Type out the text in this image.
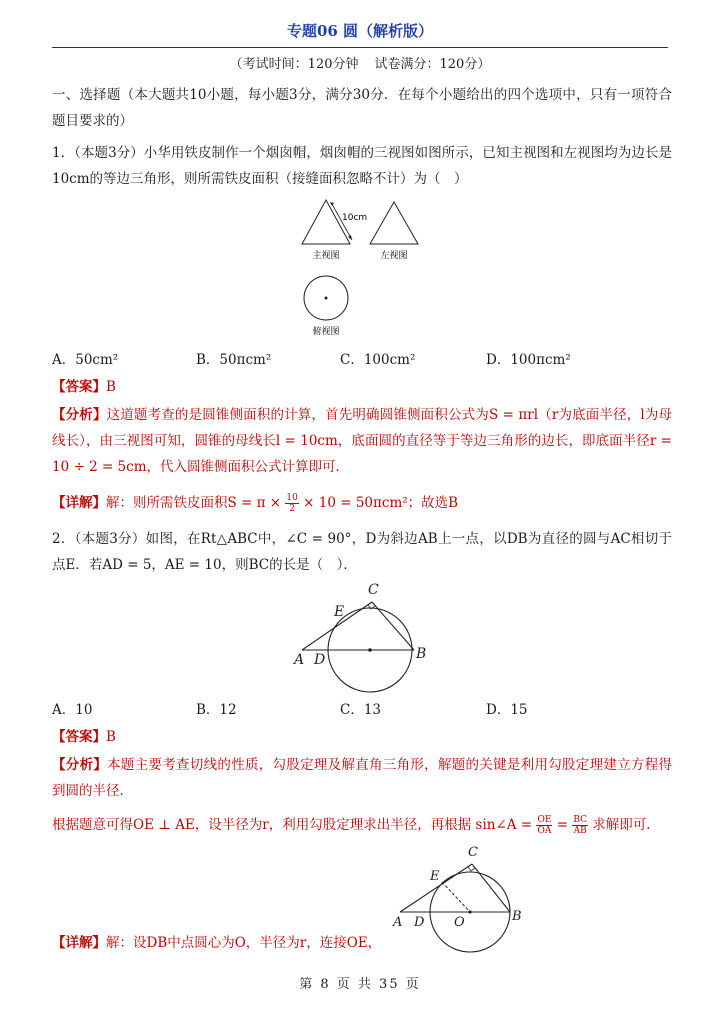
专题06 圆（解析版）
（考试时间：120分钟 试卷满分：120分）
一、选择题（本大题共10小题，每小题3分，满分30分．在每个小题给出的四个选项中，只有一项符合题目要求的）
1．（本题3分）小华用铁皮制作一个烟囱帽，烟囱帽的三视图如图所示，已知主视图和左视图均为边长是10cm的等边三角形，则所需铁皮面积（接缝面积忽略不计）为（　）
10cm
主视图	左视图
俯视图
A．50cm²	B．50πcm²	C．100cm²	D．100πcm²
【答案】B
【分析】这道题考查的是圆锥侧面积的计算，首先明确圆锥侧面积公式为S = πrl（r为底面半径，l为母线长），由三视图可知，圆锥的母线长l = 10cm，底面圆的直径等于等边三角形的边长，即底面半径r = 10 ÷ 2 = 5cm，代入圆锥侧面积公式计算即可．
【详解】解：则所需铁皮面积$S = \pi \times \frac{10}{2} \times 10 = 50\pi cm^2$；故选B
2．（本题3分）如图，在Rt△ABC中，∠C = 90°，D为斜边AB上一点，以DB为直径的圆与AC相切于点E．若AD = 5，AE = 10，则BC的长是（　）．
A D	B
C
E
A．10	B．12	C．13	D．15
【答案】B
【分析】本题主要考查切线的性质，勾股定理及解直角三角形，解题的关键是利用勾股定理建立方程得到圆的半径．
根据题意可得OE ⊥ AE，设半径为r，利用勾股定理求出半径，再根据 sin∠A = $\frac{OE}{OA} = \frac{BC}{AB}$ 求解即可．
A D O	B
C
E
【详解】解：设DB中点圆心为O，半径为r，连接OE，
第 8 页 共 35 页
